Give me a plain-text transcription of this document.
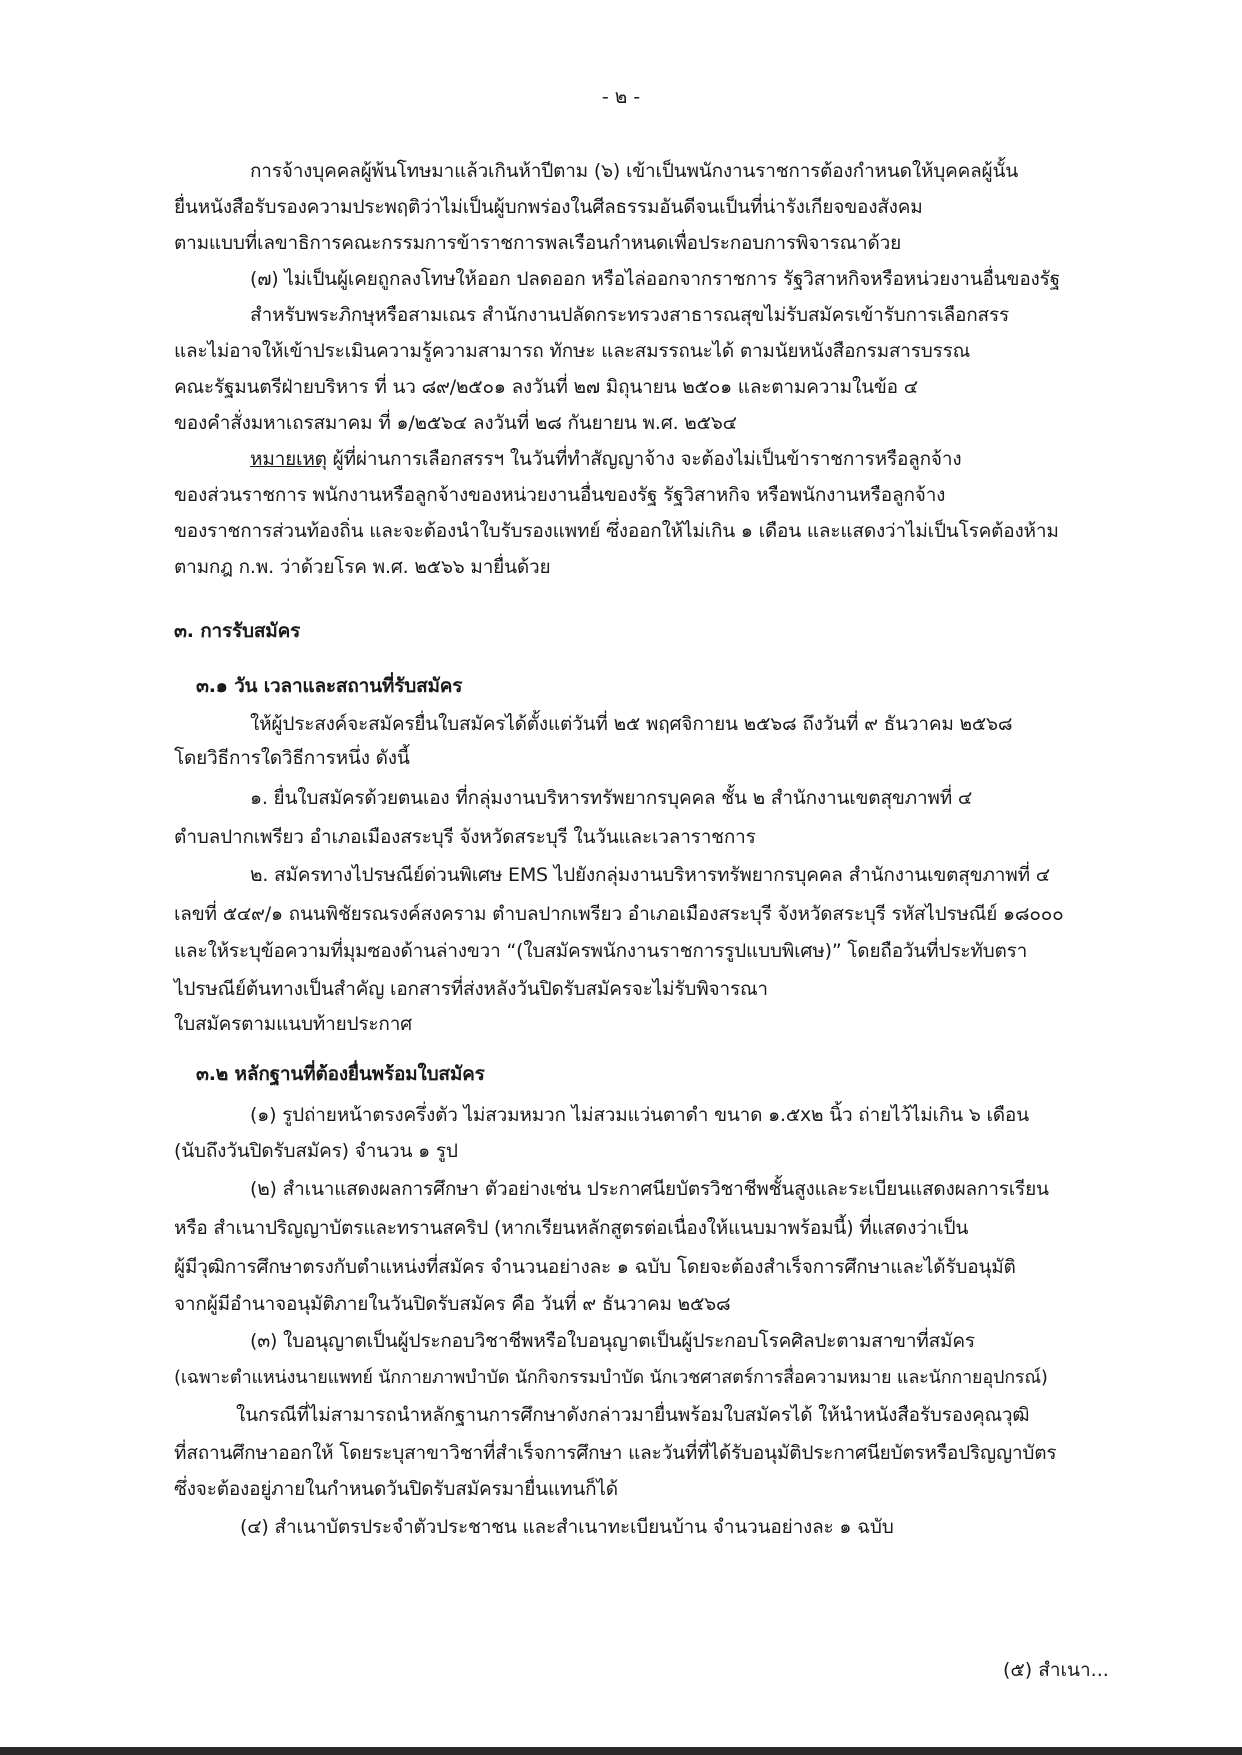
- ๒ -
การจ้างบุคคลผู้พ้นโทษมาแล้วเกินห้าปีตาม (๖) เข้าเป็นพนักงานราชการต้องกำหนดให้บุคคลผู้นั้น
ยื่นหนังสือรับรองความประพฤติว่าไม่เป็นผู้บกพร่องในศีลธรรมอันดีจนเป็นที่น่ารังเกียจของสังคม
ตามแบบที่เลขาธิการคณะกรรมการข้าราชการพลเรือนกำหนดเพื่อประกอบการพิจารณาด้วย
(๗) ไม่เป็นผู้เคยถูกลงโทษให้ออก ปลดออก หรือไล่ออกจากราชการ รัฐวิสาหกิจหรือหน่วยงานอื่นของรัฐ
สำหรับพระภิกษุหรือสามเณร สำนักงานปลัดกระทรวงสาธารณสุขไม่รับสมัครเข้ารับการเลือกสรร
และไม่อาจให้เข้าประเมินความรู้ความสามารถ ทักษะ และสมรรถนะได้ ตามนัยหนังสือกรมสารบรรณ
คณะรัฐมนตรีฝ่ายบริหาร ที่ นว ๘๙/๒๕๐๑ ลงวันที่ ๒๗ มิถุนายน ๒๕๐๑ และตามความในข้อ ๔
ของคำสั่งมหาเถรสมาคม ที่ ๑/๒๕๖๔ ลงวันที่ ๒๘ กันยายน พ.ศ. ๒๕๖๔
หมายเหตุ ผู้ที่ผ่านการเลือกสรรฯ ในวันที่ทำสัญญาจ้าง จะต้องไม่เป็นข้าราชการหรือลูกจ้าง
ของส่วนราชการ พนักงานหรือลูกจ้างของหน่วยงานอื่นของรัฐ รัฐวิสาหกิจ หรือพนักงานหรือลูกจ้าง
ของราชการส่วนท้องถิ่น และจะต้องนำใบรับรองแพทย์ ซึ่งออกให้ไม่เกิน ๑ เดือน และแสดงว่าไม่เป็นโรคต้องห้าม
ตามกฎ ก.พ. ว่าด้วยโรค พ.ศ. ๒๕๖๖ มายื่นด้วย
๓. การรับสมัคร
๓.๑ วัน เวลาและสถานที่รับสมัคร
ให้ผู้ประสงค์จะสมัครยื่นใบสมัครได้ตั้งแต่วันที่ ๒๕ พฤศจิกายน ๒๕๖๘ ถึงวันที่ ๙ ธันวาคม ๒๕๖๘
โดยวิธีการใดวิธีการหนึ่ง ดังนี้
๑. ยื่นใบสมัครด้วยตนเอง ที่กลุ่มงานบริหารทรัพยากรบุคคล ชั้น ๒ สำนักงานเขตสุขภาพที่ ๔
ตำบลปากเพรียว อำเภอเมืองสระบุรี จังหวัดสระบุรี ในวันและเวลาราชการ
๒. สมัครทางไปรษณีย์ด่วนพิเศษ EMS ไปยังกลุ่มงานบริหารทรัพยากรบุคคล สำนักงานเขตสุขภาพที่ ๔
เลขที่ ๕๔๙/๑ ถนนพิชัยรณรงค์สงคราม ตำบลปากเพรียว อำเภอเมืองสระบุรี จังหวัดสระบุรี รหัสไปรษณีย์ ๑๘๐๐๐
และให้ระบุข้อความที่มุมซองด้านล่างขวา “(ใบสมัครพนักงานราชการรูปแบบพิเศษ)” โดยถือวันที่ประทับตรา
ไปรษณีย์ต้นทางเป็นสำคัญ เอกสารที่ส่งหลังวันปิดรับสมัครจะไม่รับพิจารณา
ใบสมัครตามแนบท้ายประกาศ
๓.๒ หลักฐานที่ต้องยื่นพร้อมใบสมัคร
(๑) รูปถ่ายหน้าตรงครึ่งตัว ไม่สวมหมวก ไม่สวมแว่นตาดำ ขนาด ๑.๕x๒ นิ้ว ถ่ายไว้ไม่เกิน ๖ เดือน
(นับถึงวันปิดรับสมัคร) จำนวน ๑ รูป
(๒) สำเนาแสดงผลการศึกษา ตัวอย่างเช่น ประกาศนียบัตรวิชาชีพชั้นสูงและระเบียนแสดงผลการเรียน
หรือ สำเนาปริญญาบัตรและทรานสคริป (หากเรียนหลักสูตรต่อเนื่องให้แนบมาพร้อมนี้) ที่แสดงว่าเป็น
ผู้มีวุฒิการศึกษาตรงกับตำแหน่งที่สมัคร จำนวนอย่างละ ๑ ฉบับ โดยจะต้องสำเร็จการศึกษาและได้รับอนุมัติ
จากผู้มีอำนาจอนุมัติภายในวันปิดรับสมัคร คือ วันที่ ๙ ธันวาคม ๒๕๖๘
(๓) ใบอนุญาตเป็นผู้ประกอบวิชาชีพหรือใบอนุญาตเป็นผู้ประกอบโรคศิลปะตามสาขาที่สมัคร
(เฉพาะตำแหน่งนายแพทย์ นักกายภาพบำบัด นักกิจกรรมบำบัด นักเวชศาสตร์การสื่อความหมาย และนักกายอุปกรณ์)
ในกรณีที่ไม่สามารถนำหลักฐานการศึกษาดังกล่าวมายื่นพร้อมใบสมัครได้ ให้นำหนังสือรับรองคุณวุฒิ
ที่สถานศึกษาออกให้ โดยระบุสาขาวิชาที่สำเร็จการศึกษา และวันที่ที่ได้รับอนุมัติประกาศนียบัตรหรือปริญญาบัตร
ซึ่งจะต้องอยู่ภายในกำหนดวันปิดรับสมัครมายื่นแทนก็ได้
(๔) สำเนาบัตรประจำตัวประชาชน และสำเนาทะเบียนบ้าน จำนวนอย่างละ ๑ ฉบับ
(๕) สำเนา...
